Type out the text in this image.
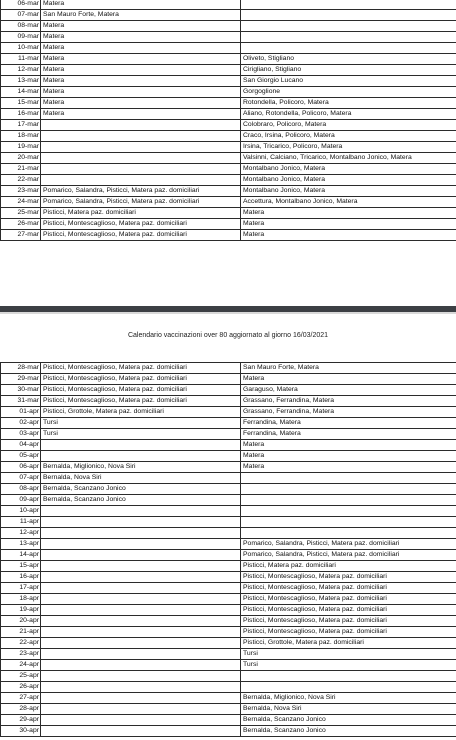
06-mar	Matera	
07-mar	San Mauro Forte, Matera	
08-mar	Matera	
09-mar	Matera	
10-mar	Matera	
11-mar	Matera	Oliveto, Stigliano
12-mar	Matera	Cirigliano, Stigliano
13-mar	Matera	San Giorgio Lucano
14-mar	Matera	Gorgoglione
15-mar	Matera	Rotondella, Policoro, Matera
16-mar	Matera	Aliano, Rotondella, Policoro, Matera
17-mar		Colobraro, Policoro, Matera
18-mar		Craco, Irsina, Policoro, Matera
19-mar		Irsina, Tricarico, Policoro, Matera
20-mar		Valsinni, Calciano, Tricarico, Montalbano Jonico, Matera
21-mar		Montalbano Jonico, Matera
22-mar		Montalbano Jonico, Matera
23-mar	Pomarico, Salandra, Pisticci, Matera paz. domiciliari	Montalbano Jonico, Matera
24-mar	Pomarico, Salandra, Pisticci, Matera paz. domiciliari	Accettura, Montalbano Jonico, Matera
25-mar	Pisticci, Matera paz. domiciliari	Matera
26-mar	Pisticci, Montescaglioso, Matera paz. domiciliari	Matera
27-mar	Pisticci, Montescaglioso, Matera paz. domiciliari	Matera
Calendario vaccinazioni over 80 aggiornato al giorno 16/03/2021
28-mar	Pisticci, Montescaglioso, Matera paz. domiciliari	San Mauro Forte, Matera
29-mar	Pisticci, Montescaglioso, Matera paz. domiciliari	Matera
30-mar	Pisticci, Montescaglioso, Matera paz. domiciliari	Garaguso, Matera
31-mar	Pisticci, Montescaglioso, Matera paz. domiciliari	Grassano, Ferrandina, Matera
01-apr	Pisticci, Grottole, Matera paz. domiciliari	Grassano, Ferrandina, Matera
02-apr	Tursi	Ferrandina, Matera
03-apr	Tursi	Ferrandina, Matera
04-apr		Matera
05-apr		Matera
06-apr	Bernalda, Miglionico, Nova Siri	Matera
07-apr	Bernalda, Nova Siri	
08-apr	Bernalda, Scanzano Jonico	
09-apr	Bernalda, Scanzano Jonico	
10-apr		
11-apr		
12-apr		
13-apr		Pomarico, Salandra, Pisticci, Matera paz. domiciliari
14-apr		Pomarico, Salandra, Pisticci, Matera paz. domiciliari
15-apr		Pisticci, Matera paz. domiciliari
16-apr		Pisticci, Montescaglioso, Matera paz. domiciliari
17-apr		Pisticci, Montescaglioso, Matera paz. domiciliari
18-apr		Pisticci, Montescaglioso, Matera paz. domiciliari
19-apr		Pisticci, Montescaglioso, Matera paz. domiciliari
20-apr		Pisticci, Montescaglioso, Matera paz. domiciliari
21-apr		Pisticci, Montescaglioso, Matera paz. domiciliari
22-apr		Pisticci, Grottole, Matera paz. domiciliari
23-apr		Tursi
24-apr		Tursi
25-apr		
26-apr		
27-apr		Bernalda, Miglionico, Nova Siri
28-apr		Bernalda, Nova Siri
29-apr		Bernalda, Scanzano Jonico
30-apr		Bernalda, Scanzano Jonico
